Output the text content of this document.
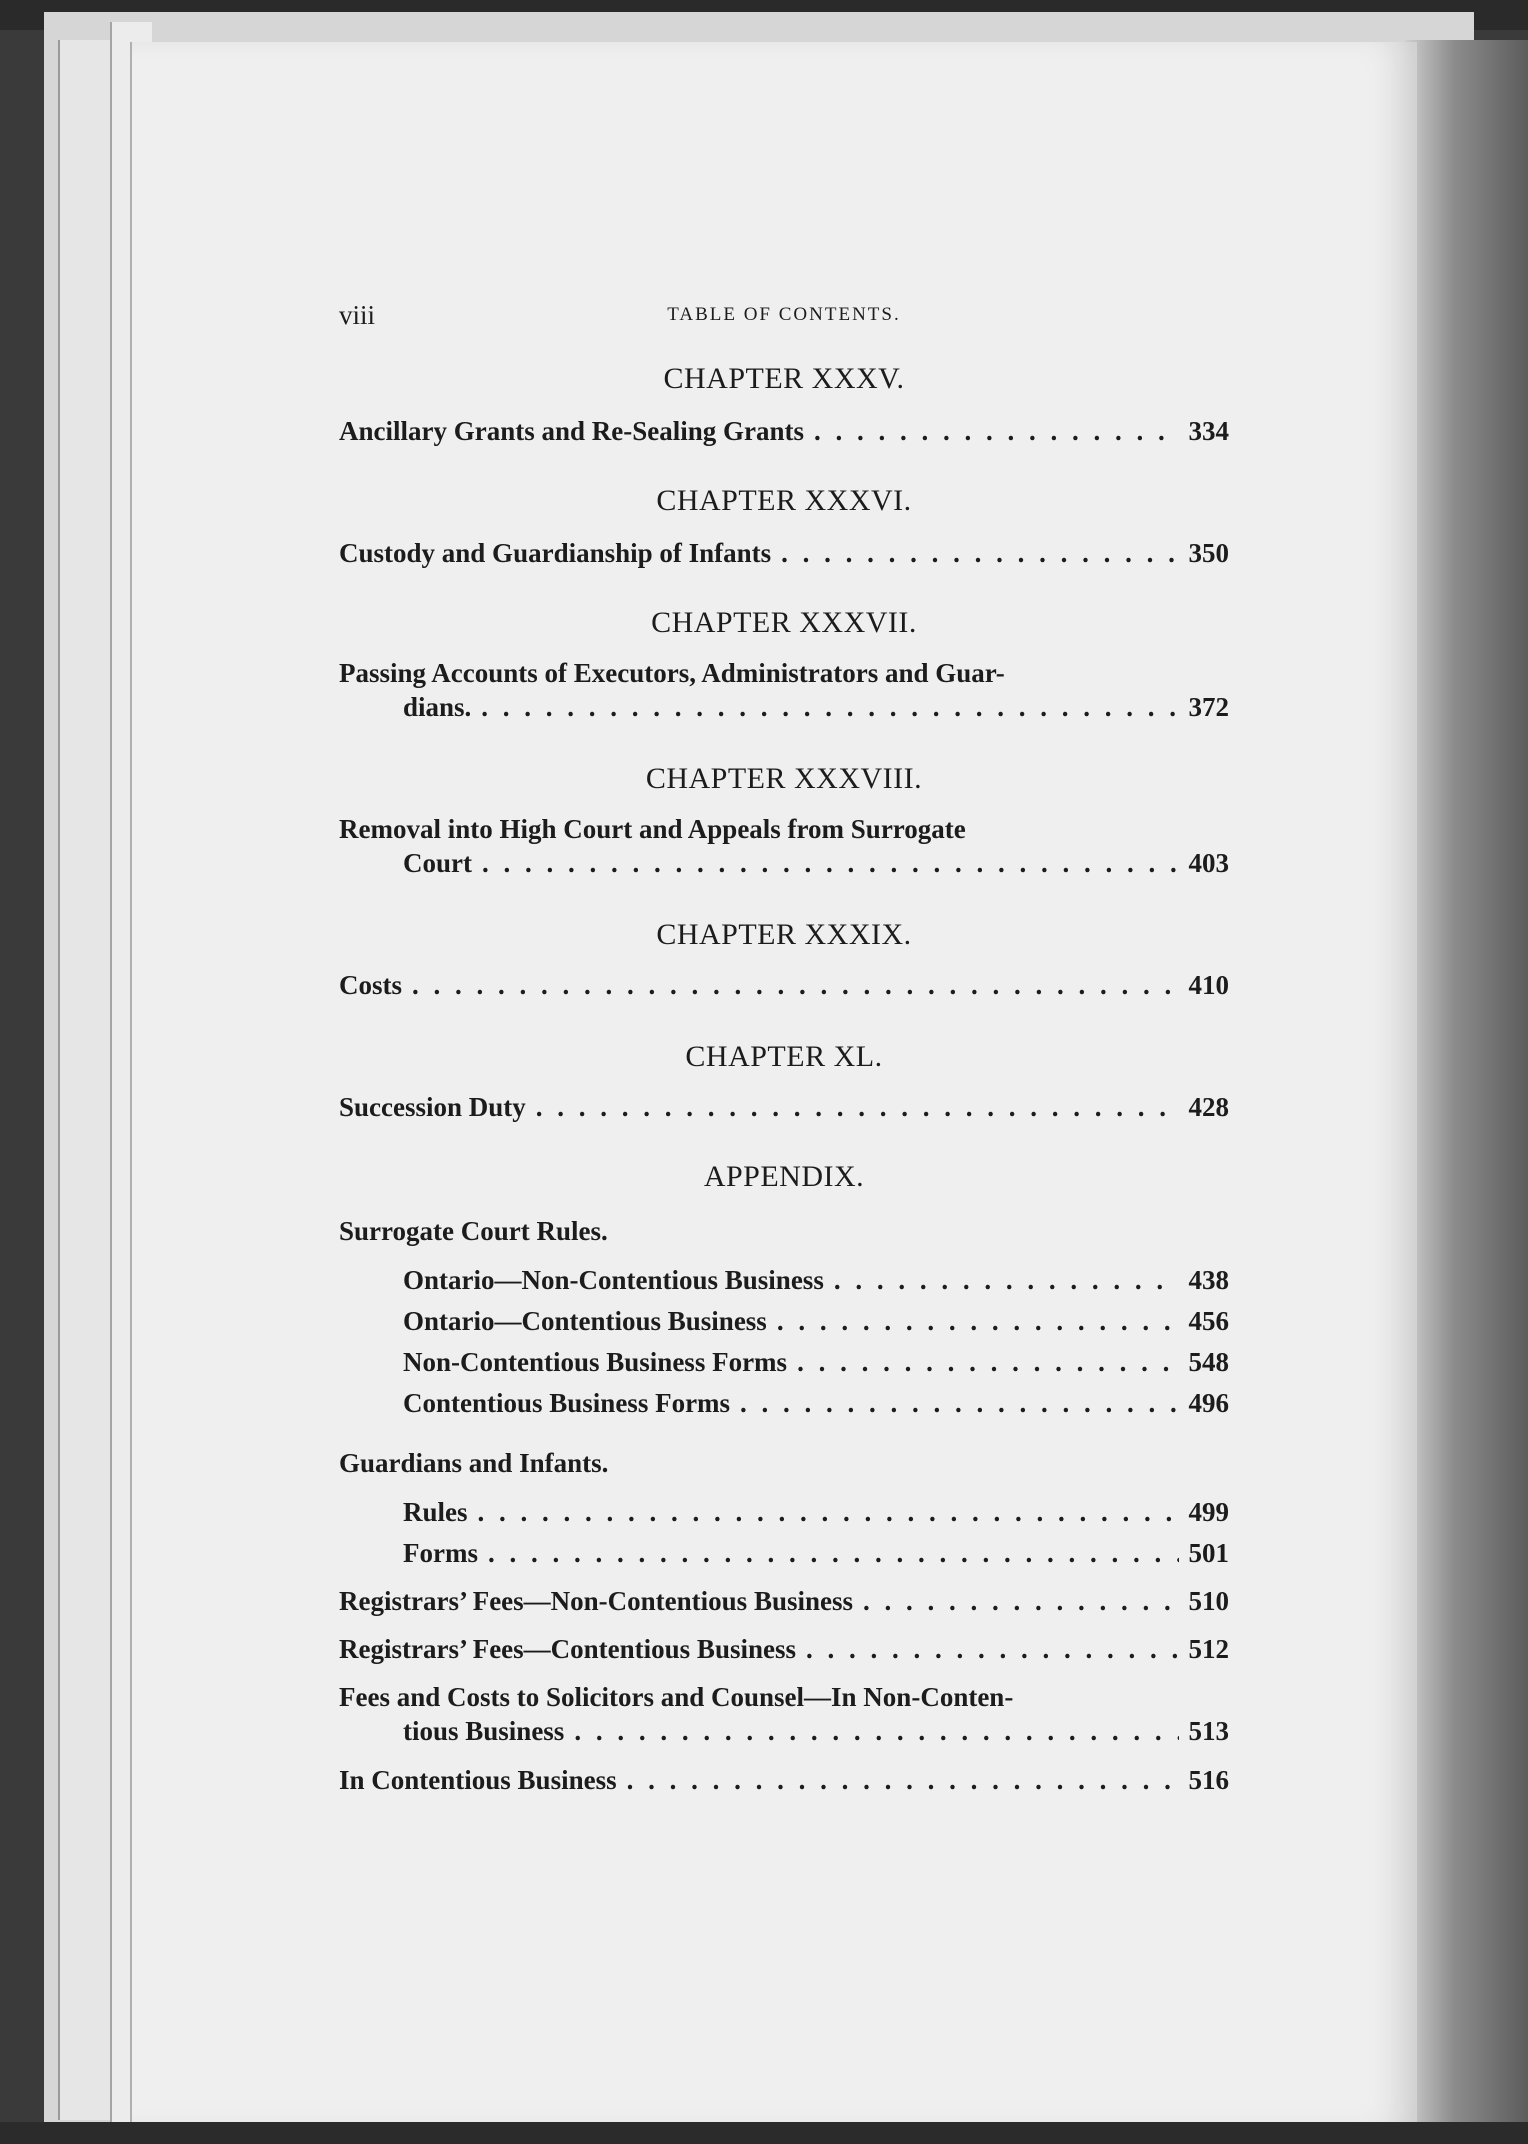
viii	TABLE OF CONTENTS.
CHAPTER XXXV.
Ancillary Grants and Re-Sealing Grants . . .	334
CHAPTER XXXVI.
Custody and Guardianship of Infants . . .	350
CHAPTER XXXVII.
Passing Accounts of Executors, Administrators and Guar-
dians. . . .	372
CHAPTER XXXVIII.
Removal into High Court and Appeals from Surrogate
Court . . .	403
CHAPTER XXXIX.
Costs . . .	410
CHAPTER XL.
Succession Duty . . .	428
APPENDIX.
Surrogate Court Rules.
Ontario—Non-Contentious Business . . .	438
Ontario—Contentious Business . . .	456
Non-Contentious Business Forms . . .	548
Contentious Business Forms . . .	496
Guardians and Infants.
Rules . . .	499
Forms . . .	501
Registrars’ Fees—Non-Contentious Business . . .	510
Registrars’ Fees—Contentious Business . . .	512
Fees and Costs to Solicitors and Counsel—In Non-Conten-
tious Business . . .	513
In Contentious Business . . .	516
